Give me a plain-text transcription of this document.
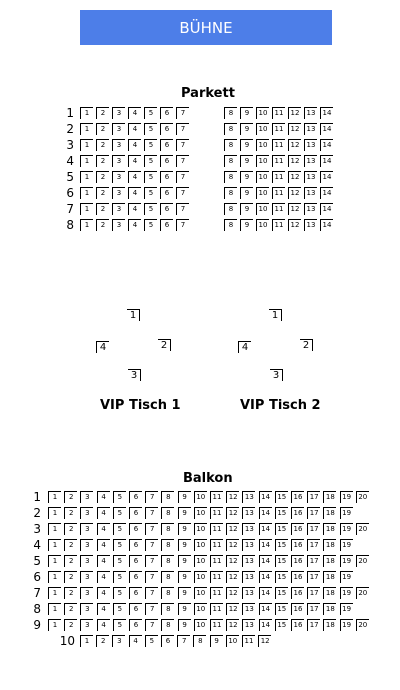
BÜHNE
Parkett
1	1	2	3	4	5	6	7	8	9	10 11 12 13 14
2	1	2	3	4	5	6	7	8	9	10 11 12 13 14
3	1	2	3	4	5	6	7	8	9	10 11 12 13 14
4	1	2	3	4	5	6	7	8	9	10 11 12 13 14
5	1	2	3	4	5	6	7	8	9	10 11 12 13 14
6	1	2	3	4	5	6	7	8	9	10 11 12 13 14
7	1	2	3	4	5	6	7	8	9	10 11 12 13 14
8	1	2	3	4	5	6	7	8	9	10 11 12 13 14
1
2
3
4
VIP Tisch 1
1
2
3
4
VIP Tisch 2
Balkon
1	1	2	3	4	5	6	7	8	9	10 11 12 13 14 15 16 17 18 19 20
2	1	2	3	4	5	6	7	8	9	10 11 12 13 14 15 16 17 18 19
3	1	2	3	4	5	6	7	8	9	10 11 12 13 14 15 16 17 18 19 20
4	1	2	3	4	5	6	7	8	9	10 11 12 13 14 15 16 17 18 19
5	1	2	3	4	5	6	7	8	9	10 11 12 13 14 15 16 17 18 19 20
6	1	2	3	4	5	6	7	8	9	10 11 12 13 14 15 16 17 18 19
7	1	2	3	4	5	6	7	8	9	10 11 12 13 14 15 16 17 18 19 20
8	1	2	3	4	5	6	7	8	9	10 11 12 13 14 15 16 17 18 19
9	1	2	3	4	5	6	7	8	9	10 11 12 13 14 15 16 17 18 19 20
10	1	2	3	4	5	6	7	8	9	10 11 12
